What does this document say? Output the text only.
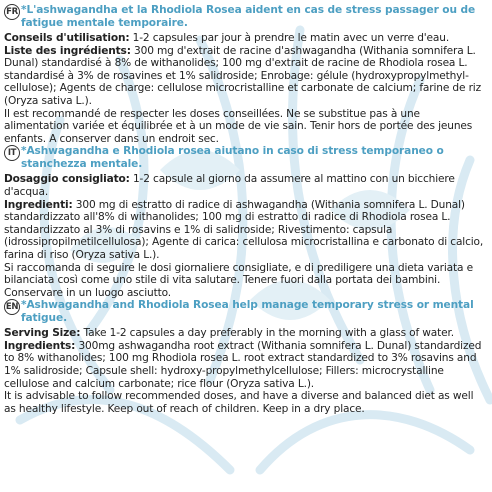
FR *L'ashwagandha et la Rhodiola Rosea aident en cas de stress passager ou de fatigue mentale temporaire.

Conseils d'utilisation: 1-2 capsules par jour à prendre le matin avec un verre d'eau.

Liste des ingrédients: 300 mg d'extrait de racine d'ashwagandha (Withania somnifera L. Dunal) standardisé à 8% de withanolides; 100 mg d'extrait de racine de Rhodiola rosea L. standardisé à 3% de rosavines et 1% salidroside; Enrobage: gélule (hydroxypropylmethyl-cellulose); Agents de charge: cellulose microcristalline et carbonate de calcium; farine de riz (Oryza sativa L.).

Il est recommandé de respecter les doses conseillées. Ne se substitue pas à une alimentation variée et équilibrée et à un mode de vie sain. Tenir hors de portée des jeunes enfants. A conserver dans un endroit sec.

IT *Ashwagandha e Rhodiola rosea aiutano in caso di stress temporaneo o stanchezza mentale.

Dosaggio consigliato: 1-2 capsule al giorno da assumere al mattino con un bicchiere d'acqua.

Ingredienti: 300 mg di estratto di radice di ashwagandha (Withania somnifera L. Dunal) standardizzato all'8% di withanolides; 100 mg di estratto di radice di Rhodiola rosea L. standardizzato al 3% di rosavins e 1% di salidroside; Rivestimento: capsula (idrossipropilmetilcellulosa); Agente di carica: cellulosa microcristallina e carbonato di calcio, farina di riso (Oryza sativa L.).

Si raccomanda di seguire le dosi giornaliere consigliate, e di prediligere una dieta variata e bilanciata così come uno stile di vita salutare. Tenere fuori dalla portata dei bambini. Conservare in un luogo asciutto.

EN *Ashwagandha and Rhodiola Rosea help manage temporary stress or mental fatigue.

Serving Size: Take 1-2 capsules a day preferably in the morning with a glass of water.

Ingredients: 300mg ashwagandha root extract (Withania somnifera L. Dunal) standardized to 8% withanolides; 100 mg Rhodiola rosea L. root extract standardized to 3% rosavins and 1% salidroside; Capsule shell: hydroxy-propylmethylcellulose; Fillers: microcrystalline cellulose and calcium carbonate; rice flour (Oryza sativa L.).

It is advisable to follow recommended doses, and have a diverse and balanced diet as well as healthy lifestyle. Keep out of reach of children. Keep in a dry place.
